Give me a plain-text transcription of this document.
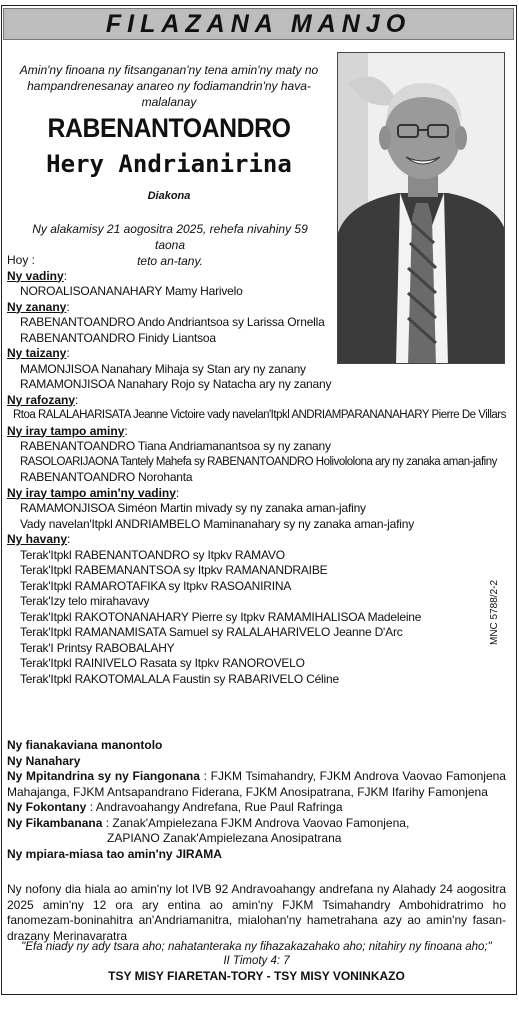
FILAZANA MANJO
Amin'ny finoana ny fitsanganan'ny tena amin'ny maty no
hampandrenesanay anareo ny fodiamandrin'ny hava-malalanay
RABENANTOANDRO
Hery Andrianirina
Diakona
Ny alakamisy 21 aogositra 2025, rehefa nivahiny 59 taona
teto an-tany.
Hoy :
Ny vadiny:
NOROALISOANANAHARY Mamy Harivelo
Ny zanany:
RABENANTOANDRO Ando Andriantsoa sy Larissa Ornella
RABENANTOANDRO Finidy Liantsoa
Ny taizany:
MAMONJISOA Nanahary Mihaja sy Stan ary ny zanany
RAMAMONJISOA Nanahary Rojo sy Natacha ary ny zanany
Ny rafozany:
Rtoa RALALAHARISATA Jeanne Victoire vady navelan'Itpkl ANDRIAMPARANANAHARY Pierre De Villars
Ny iray tampo aminy:
RABENANTOANDRO Tiana Andriamanantsoa sy ny zanany
RASOLOARIJAONA Tantely Mahefa sy RABENANTOANDRO Holivololona ary ny zanaka aman-jafiny
RABENANTOANDRO Norohanta
Ny iray tampo amin'ny vadiny:
RAMAMONJISOA Siméon Martin mivady sy ny zanaka aman-jafiny
Vady navelan'Itpkl ANDRIAMBELO Maminanahary sy ny zanaka aman-jafiny
Ny havany:
Terak'Itpkl RABENANTOANDRO sy Itpkv RAMAVO
Terak'Itpkl RABEMANANTSOA sy Itpkv RAMANANDRAIBE
Terak'Itpkl RAMAROTAFIKA sy Itpkv RASOANIRINA
Terak'Izy telo mirahavavy
Terak'Itpkl RAKOTONANAHARY Pierre sy Itpkv RAMAMIHALISOA Madeleine
Terak'Itpkl RAMANAMISATA Samuel sy RALALAHARIVELO Jeanne D'Arc
Terak'I Printsy RABOBALAHY
Terak'Itpkl RAINIVELO Rasata sy Itpkv RANOROVELO
Terak'Itpkl RAKOTOMALALA Faustin sy RABARIVELO Céline
MNC 5788/2-2
Ny fianakaviana manontolo
Ny Nanahary
Ny Mpitandrina sy ny Fiangonana : FJKM Tsimahandry, FJKM Androva Vaovao Famonjena Mahajanga, FJKM Antsapandrano Fiderana, FJKM Anosipatrana, FJKM Ifarihy Famonjena
Ny Fokontany : Andravoahangy Andrefana, Rue Paul Rafringa
Ny Fikambanana : Zanak'Ampielezana FJKM Androva Vaovao Famonjena,
ZAPIANO Zanak'Ampielezana Anosipatrana
Ny mpiara-miasa tao amin'ny JIRAMA
Ny nofony dia hiala ao amin'ny lot IVB 92 Andravoahangy andrefana ny Alahady 24 aogositra 2025 amin'ny 12 ora ary entina ao amin'ny FJKM Tsimahandry Ambohidratrimo ho fanomezam-boninahitra an'Andriamanitra, mialohan'ny hametrahana azy ao amin'ny fasan-drazany Merinavaratra
"Efa niady ny ady tsara aho; nahatanteraka ny fihazakazahako aho; nitahiry ny finoana aho;"
II Timoty 4: 7
TSY MISY FIARETAN-TORY - TSY MISY VONINKAZO
